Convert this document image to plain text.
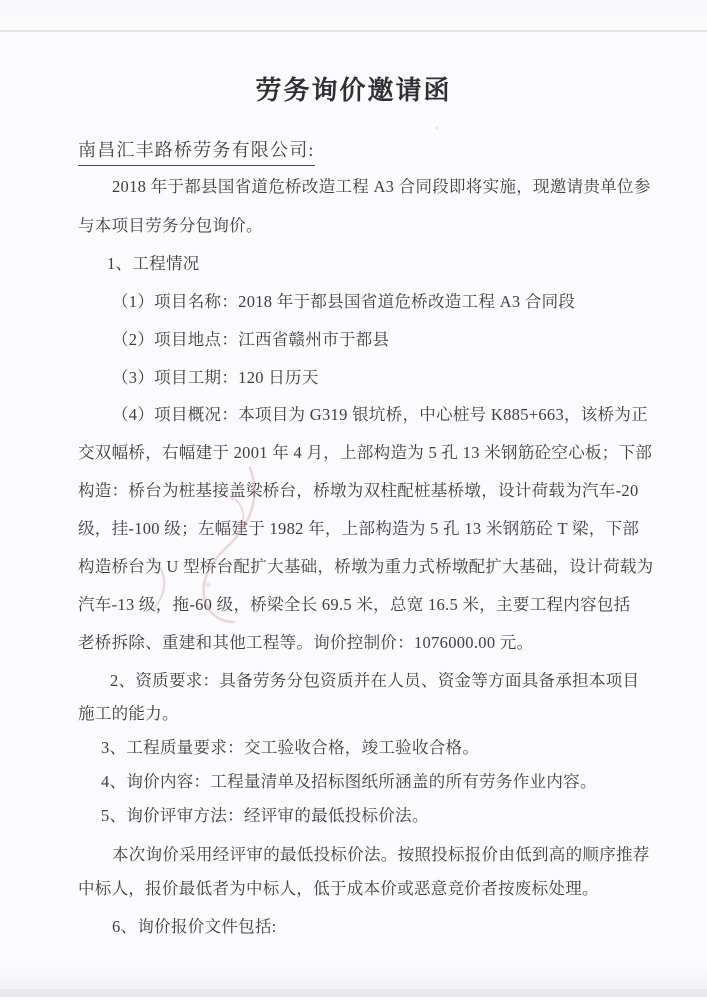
劳务询价邀请函
南昌汇丰路桥劳务有限公司:
2018 年于都县国省道危桥改造工程 A3 合同段即将实施，现邀请贵单位参
与本项目劳务分包询价。
1、工程情况
（1）项目名称：2018 年于都县国省道危桥改造工程 A3 合同段
（2）项目地点：江西省赣州市于都县
（3）项目工期：120 日历天
（4）项目概况：本项目为 G319 银坑桥，中心桩号 K885+663，该桥为正
交双幅桥，右幅建于 2001 年 4 月，上部构造为 5 孔 13 米钢筋砼空心板；下部
构造：桥台为桩基接盖梁桥台，桥墩为双柱配桩基桥墩，设计荷载为汽车-20
级，挂-100 级；左幅建于 1982 年，上部构造为 5 孔 13 米钢筋砼 T 梁，下部
构造桥台为 U 型桥台配扩大基础，桥墩为重力式桥墩配扩大基础，设计荷载为
汽车-13 级，拖-60 级，桥梁全长 69.5 米，总宽 16.5 米，主要工程内容包括
老桥拆除、重建和其他工程等。询价控制价：1076000.00 元。
2、资质要求：具备劳务分包资质并在人员、资金等方面具备承担本项目
施工的能力。
3、工程质量要求：交工验收合格，竣工验收合格。
4、询价内容：工程量清单及招标图纸所涵盖的所有劳务作业内容。
5、询价评审方法：经评审的最低投标价法。
本次询价采用经评审的最低投标价法。按照投标报价由低到高的顺序推荐
中标人，报价最低者为中标人，低于成本价或恶意竞价者按废标处理。
6、询价报价文件包括:
